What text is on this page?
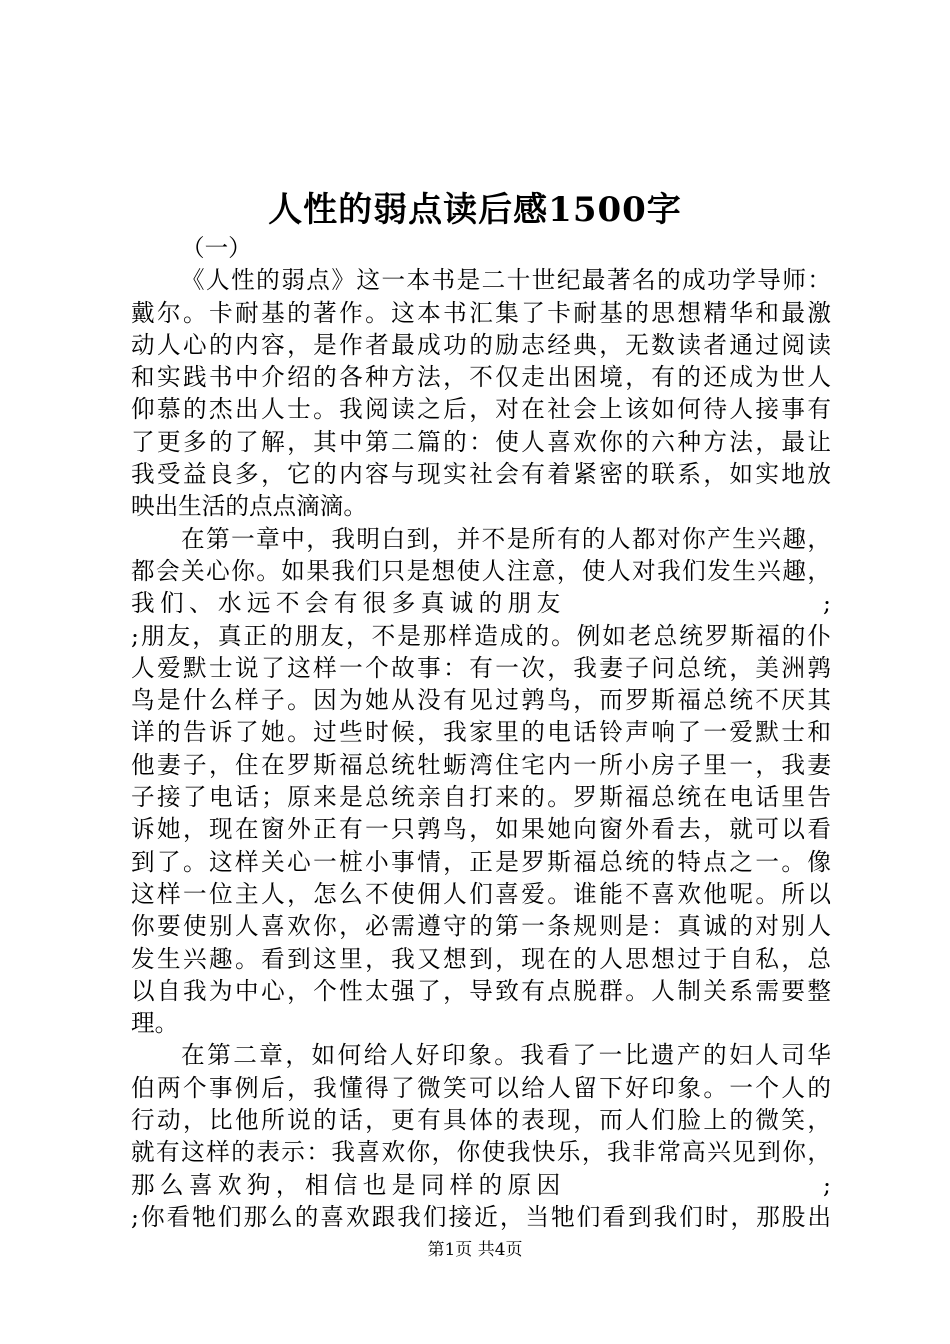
人性的弱点读后感1500字
（一）
《人性的弱点》这一本书是二十世纪最著名的成功学导师：
戴尔。卡耐基的著作。这本书汇集了卡耐基的思想精华和最激
动人心的内容，是作者最成功的励志经典，无数读者通过阅读
和实践书中介绍的各种方法，不仅走出困境，有的还成为世人
仰慕的杰出人士。我阅读之后，对在社会上该如何待人接事有
了更多的了解，其中第二篇的：使人喜欢你的六种方法，最让
我受益良多，它的内容与现实社会有着紧密的联系，如实地放
映出生活的点点滴滴。
在第一章中，我明白到，并不是所有的人都对你产生兴趣，
都会关心你。如果我们只是想使人注意，使人对我们发生兴趣，
我们、水远不会有很多真诚的朋友                    ;
;朋友，真正的朋友，不是那样造成的。例如老总统罗斯福的仆
人爱默士说了这样一个故事：有一次，我妻子问总统，美洲鹑
鸟是什么样子。因为她从没有见过鹑鸟，而罗斯福总统不厌其
详的告诉了她。过些时候，我家里的电话铃声响了一爱默士和
他妻子，住在罗斯福总统牡蛎湾住宅内一所小房子里一，我妻
子接了电话；原来是总统亲自打来的。罗斯福总统在电话里告
诉她，现在窗外正有一只鹑鸟，如果她向窗外看去，就可以看
到了。这样关心一桩小事情，正是罗斯福总统的特点之一。像
这样一位主人，怎么不使佣人们喜爱。谁能不喜欢他呢。所以
你要使别人喜欢你，必需遵守的第一条规则是：真诚的对别人
发生兴趣。看到这里，我又想到，现在的人思想过于自私，总
以自我为中心，个性太强了，导致有点脱群。人制关系需要整
理。
在第二章，如何给人好印象。我看了一比遗产的妇人司华
伯两个事例后，我懂得了微笑可以给人留下好印象。一个人的
行动，比他所说的话，更有具体的表现，而人们脸上的微笑，
就有这样的表示：我喜欢你，你使我快乐，我非常高兴见到你，
那么喜欢狗，相信也是同样的原因                    ;
;你看牠们那么的喜欢跟我们接近，当牠们看到我们时，那股出
第1页 共4页
